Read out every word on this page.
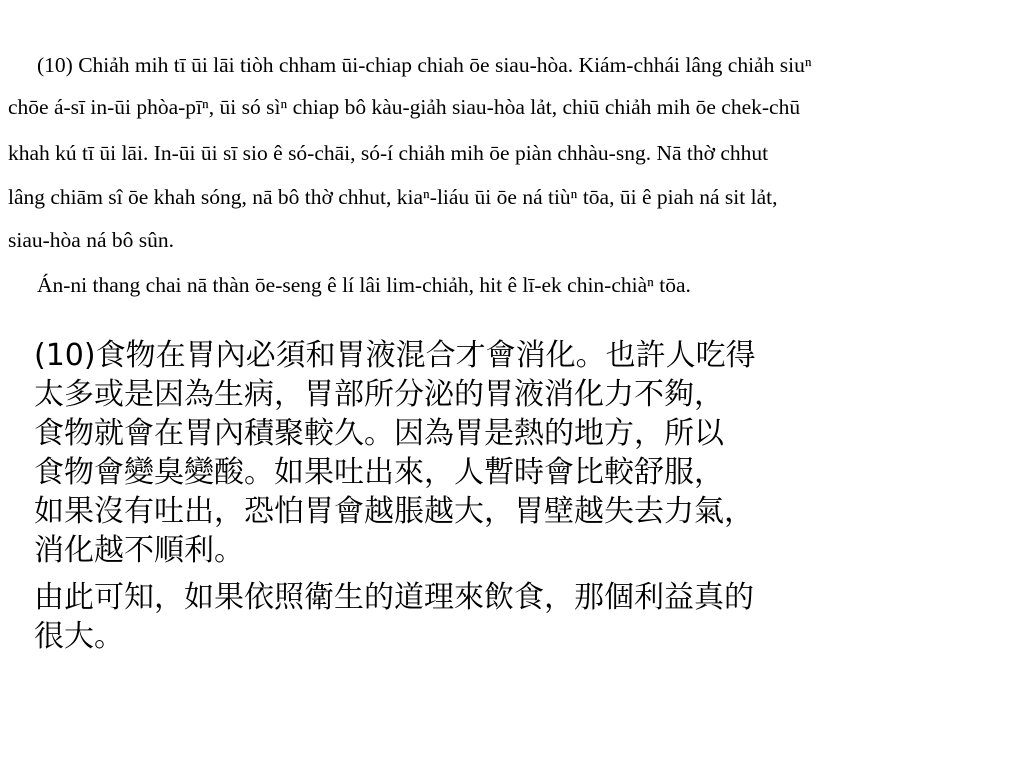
(10) Chiảh mih tī ūi lāi tiòh chham ūi-chiap chiah ōe siau-hòa. Kiám-chhái lâng chiảh siuⁿ
chōe á-sī in-ūi phòa-pīⁿ, ūi só sìⁿ chiap bô kàu-giảh siau-hòa lảt, chiū chiảh mih ōe chek-chū
khah kú tī ūi lāi. In-ūi ūi sī sio ê só-chāi, só-í chiảh mih ōe piàn chhàu-sng. Nā thờ chhut
lâng chiām sî ōe khah sóng, nā bô thờ chhut, kiaⁿ-liáu ūi ōe ná tiùⁿ tōa, ūi ê piah ná sit lảt,
siau-hòa ná bô sûn.
Án-ni thang chai nā thàn ōe-seng ê lí lâi lim-chiảh, hit ê lī-ek chin-chiàⁿ tōa.

(10)食物在胃內必須和胃液混合才會消化。也許人吃得
太多或是因為生病，胃部所分泌的胃液消化力不夠，
食物就會在胃內積聚較久。因為胃是熱的地方，所以
食物會變臭變酸。如果吐出來，人暫時會比較舒服，
如果沒有吐出，恐怕胃會越脹越大，胃壁越失去力氣，
消化越不順利。

由此可知，如果依照衛生的道理來飲食，那個利益真的
很大。
